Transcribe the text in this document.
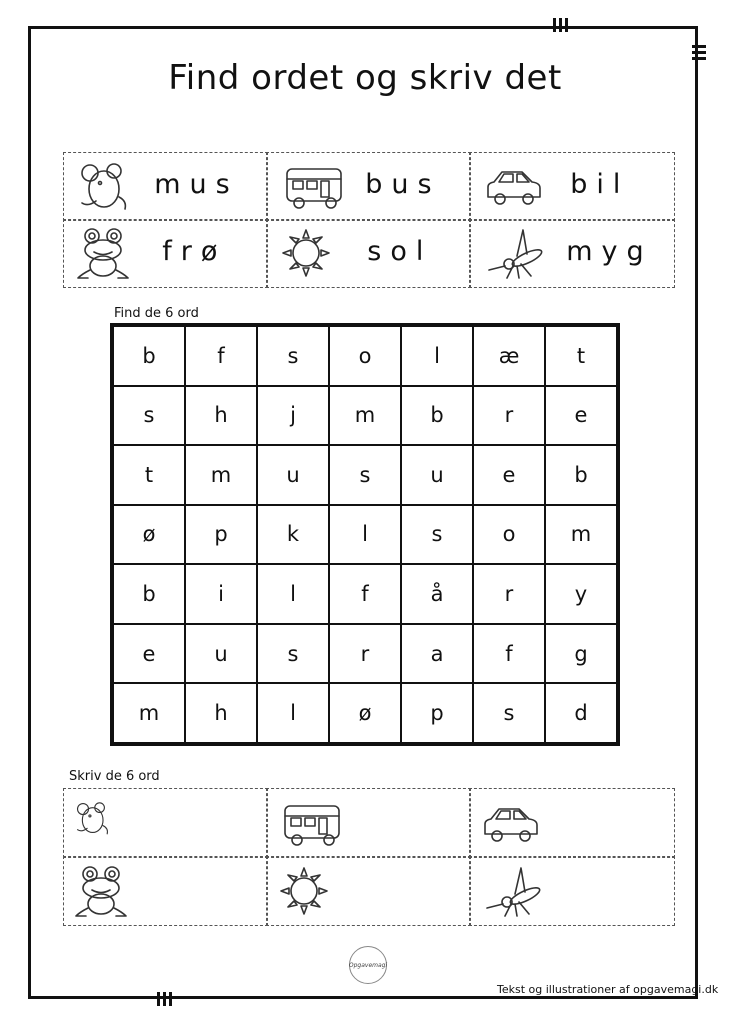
Find ordet og skriv det
mus	bus	bil
frø	sol	myg
Find de 6 ord
b	f	s	o	l	æ	t
s	h	j	m	b	r	e
t	m	u	s	u	e	b
ø	p	k	l	s	o	m
b	i	l	f	å	r	y
e	u	s	r	a	f	g
m	h	l	ø	p	s	d
Skriv de 6 ord
Opgavemagi
Tekst og illustrationer af opgavemagi.dk
